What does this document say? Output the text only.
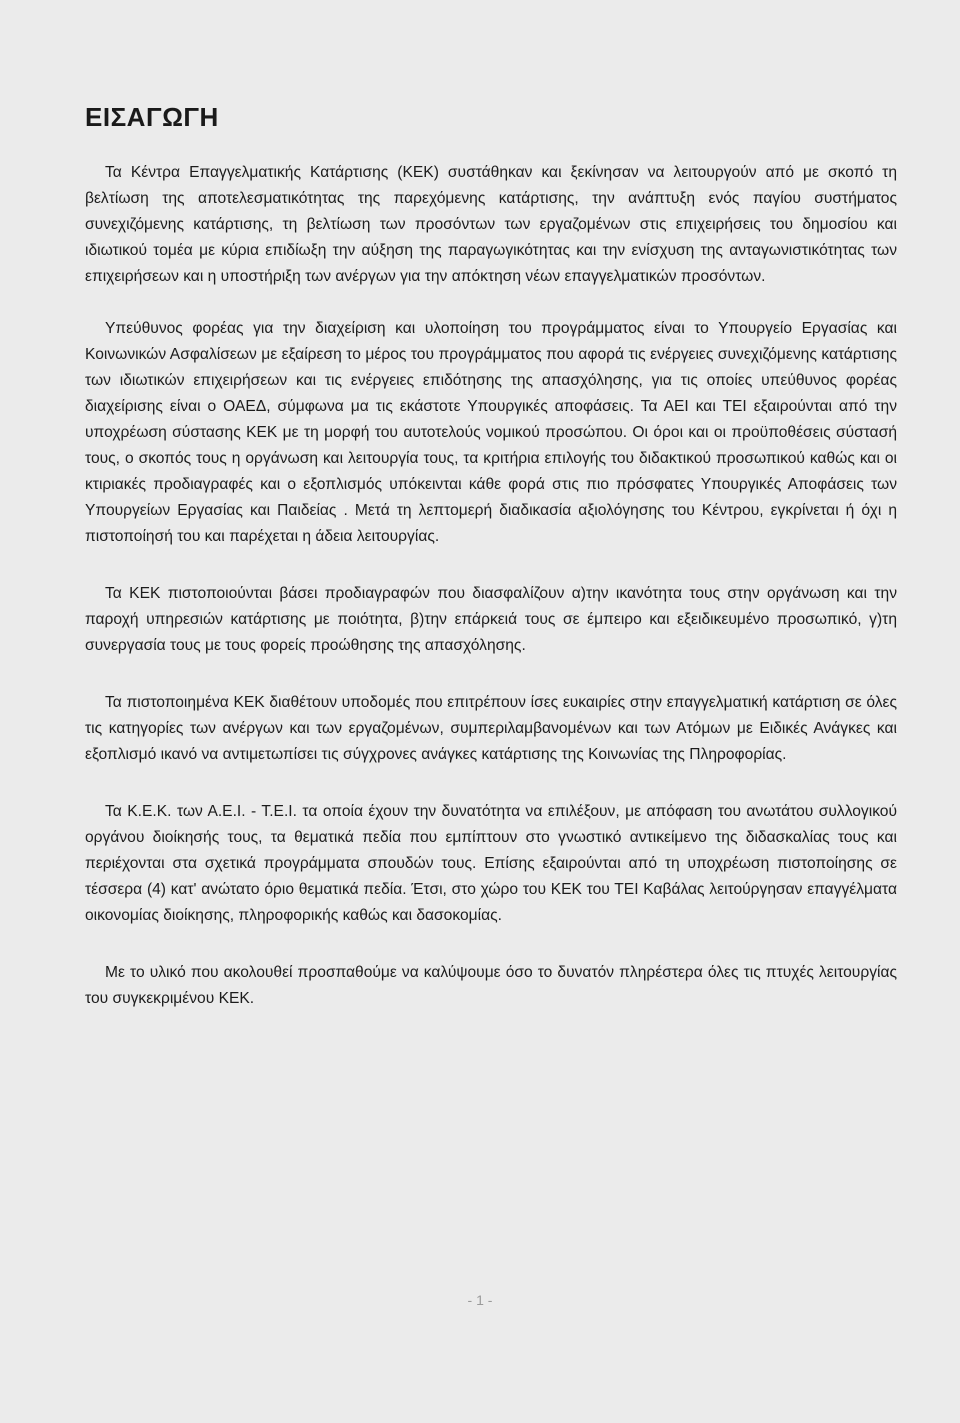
ΕΙΣΑΓΩΓΗ

Τα Κέντρα Επαγγελματικής Κατάρτισης (ΚΕΚ) συστάθηκαν και ξεκίνησαν να λειτουργούν από με σκοπό τη βελτίωση της αποτελεσματικότητας της παρεχόμενης κατάρτισης, την ανάπτυξη ενός παγίου συστήματος συνεχιζόμενης κατάρτισης, τη βελτίωση των προσόντων των εργαζομένων στις επιχειρήσεις του δημοσίου και ιδιωτικού τομέα με κύρια επιδίωξη την αύξηση της παραγωγικότητας και την ενίσχυση της ανταγωνιστικότητας των επιχειρήσεων και η υποστήριξη των ανέργων για την απόκτηση νέων επαγγελματικών προσόντων.

Υπεύθυνος φορέας για την διαχείριση και υλοποίηση του προγράμματος είναι το Υπουργείο Εργασίας και Κοινωνικών Ασφαλίσεων με εξαίρεση το μέρος του προγράμματος που αφορά τις ενέργειες συνεχιζόμενης κατάρτισης των ιδιωτικών επιχειρήσεων και τις ενέργειες επιδότησης της απασχόλησης, για τις οποίες υπεύθυνος φορέας διαχείρισης είναι ο ΟΑΕΔ, σύμφωνα μα τις εκάστοτε Υπουργικές αποφάσεις. Τα ΑΕΙ και ΤΕΙ εξαιρούνται από την υποχρέωση σύστασης ΚΕΚ με τη μορφή του αυτοτελούς νομικού προσώπου. Οι όροι και οι προϋποθέσεις σύστασή τους, ο σκοπός τους η οργάνωση και λειτουργία τους, τα κριτήρια επιλογής του διδακτικού προσωπικού καθώς και οι κτιριακές προδιαγραφές και ο εξοπλισμός υπόκεινται κάθε φορά στις πιο πρόσφατες Υπουργικές Αποφάσεις των Υπουργείων Εργασίας και Παιδείας . Μετά τη λεπτομερή διαδικασία αξιολόγησης του Κέντρου, εγκρίνεται ή όχι η πιστοποίησή του και παρέχεται η άδεια λειτουργίας.

Τα ΚΕΚ πιστοποιούνται βάσει προδιαγραφών που διασφαλίζουν α)την ικανότητα τους στην οργάνωση και την παροχή υπηρεσιών κατάρτισης με ποιότητα, β)την επάρκειά τους σε έμπειρο και εξειδικευμένο προσωπικό, γ)τη συνεργασία τους με τους φορείς προώθησης της απασχόλησης.

Τα πιστοποιημένα ΚΕΚ διαθέτουν υποδομές που επιτρέπουν ίσες ευκαιρίες στην επαγγελματική κατάρτιση σε όλες τις κατηγορίες των ανέργων και των εργαζομένων, συμπεριλαμβανομένων και των Ατόμων με Ειδικές Ανάγκες και εξοπλισμό ικανό να αντιμετωπίσει τις σύγχρονες ανάγκες κατάρτισης της Κοινωνίας της Πληροφορίας.

Τα Κ.Ε.Κ. των Α.Ε.Ι. - Τ.Ε.Ι. τα οποία έχουν την δυνατότητα να επιλέξουν, με απόφαση του ανωτάτου συλλογικού οργάνου διοίκησής τους, τα θεματικά πεδία που εμπίπτουν στο γνωστικό αντικείμενο της διδασκαλίας τους και περιέχονται στα σχετικά προγράμματα σπουδών τους. Επίσης εξαιρούνται από τη υποχρέωση πιστοποίησης σε τέσσερα (4) κατ' ανώτατο όριο θεματικά πεδία. Έτσι, στο χώρο του ΚΕΚ του ΤΕΙ Καβάλας λειτούργησαν επαγγέλματα οικονομίας διοίκησης, πληροφορικής καθώς και δασοκομίας.

Με το υλικό που ακολουθεί προσπαθούμε να καλύψουμε όσο το δυνατόν πληρέστερα όλες τις πτυχές λειτουργίας του συγκεκριμένου ΚΕΚ.

- 1 -
